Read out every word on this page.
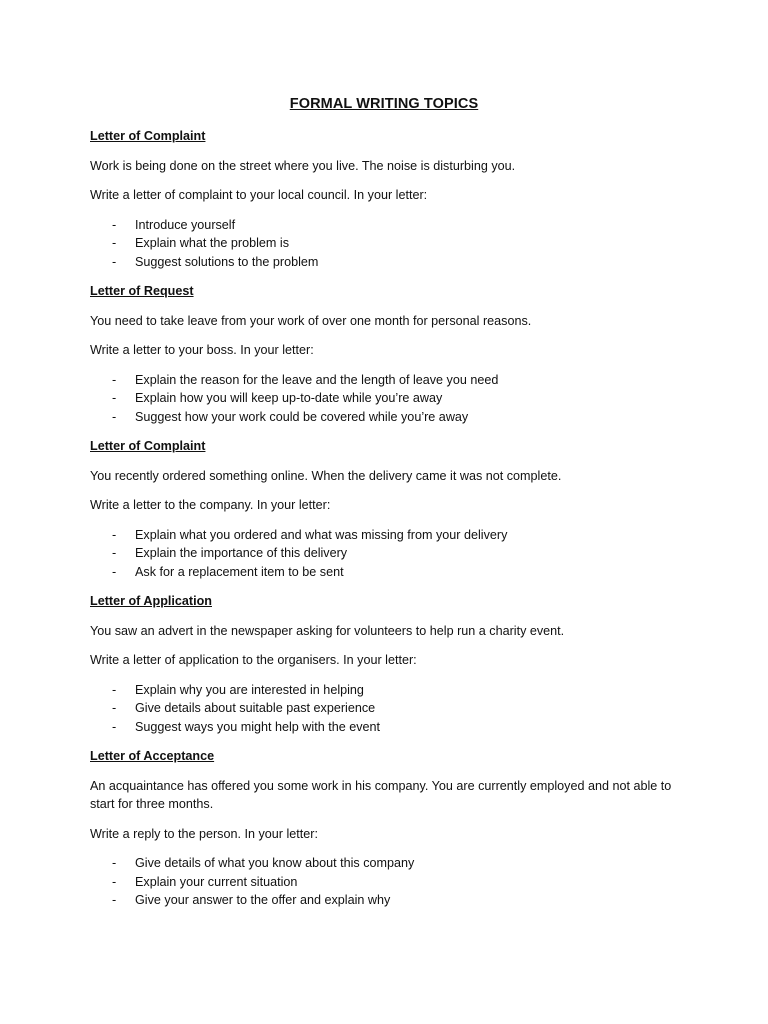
FORMAL WRITING TOPICS
Letter of Complaint
Work is being done on the street where you live. The noise is disturbing you.
Write a letter of complaint to your local council. In your letter:
- Introduce yourself
- Explain what the problem is
- Suggest solutions to the problem
Letter of Request
You need to take leave from your work of over one month for personal reasons.
Write a letter to your boss. In your letter:
- Explain the reason for the leave and the length of leave you need
- Explain how you will keep up-to-date while you’re away
- Suggest how your work could be covered while you’re away
Letter of Complaint
You recently ordered something online. When the delivery came it was not complete.
Write a letter to the company. In your letter:
- Explain what you ordered and what was missing from your delivery
- Explain the importance of this delivery
- Ask for a replacement item to be sent
Letter of Application
You saw an advert in the newspaper asking for volunteers to help run a charity event.
Write a letter of application to the organisers. In your letter:
- Explain why you are interested in helping
- Give details about suitable past experience
- Suggest ways you might help with the event
Letter of Acceptance
An acquaintance has offered you some work in his company. You are currently employed and not able to start for three months.
Write a reply to the person. In your letter:
- Give details of what you know about this company
- Explain your current situation
- Give your answer to the offer and explain why
